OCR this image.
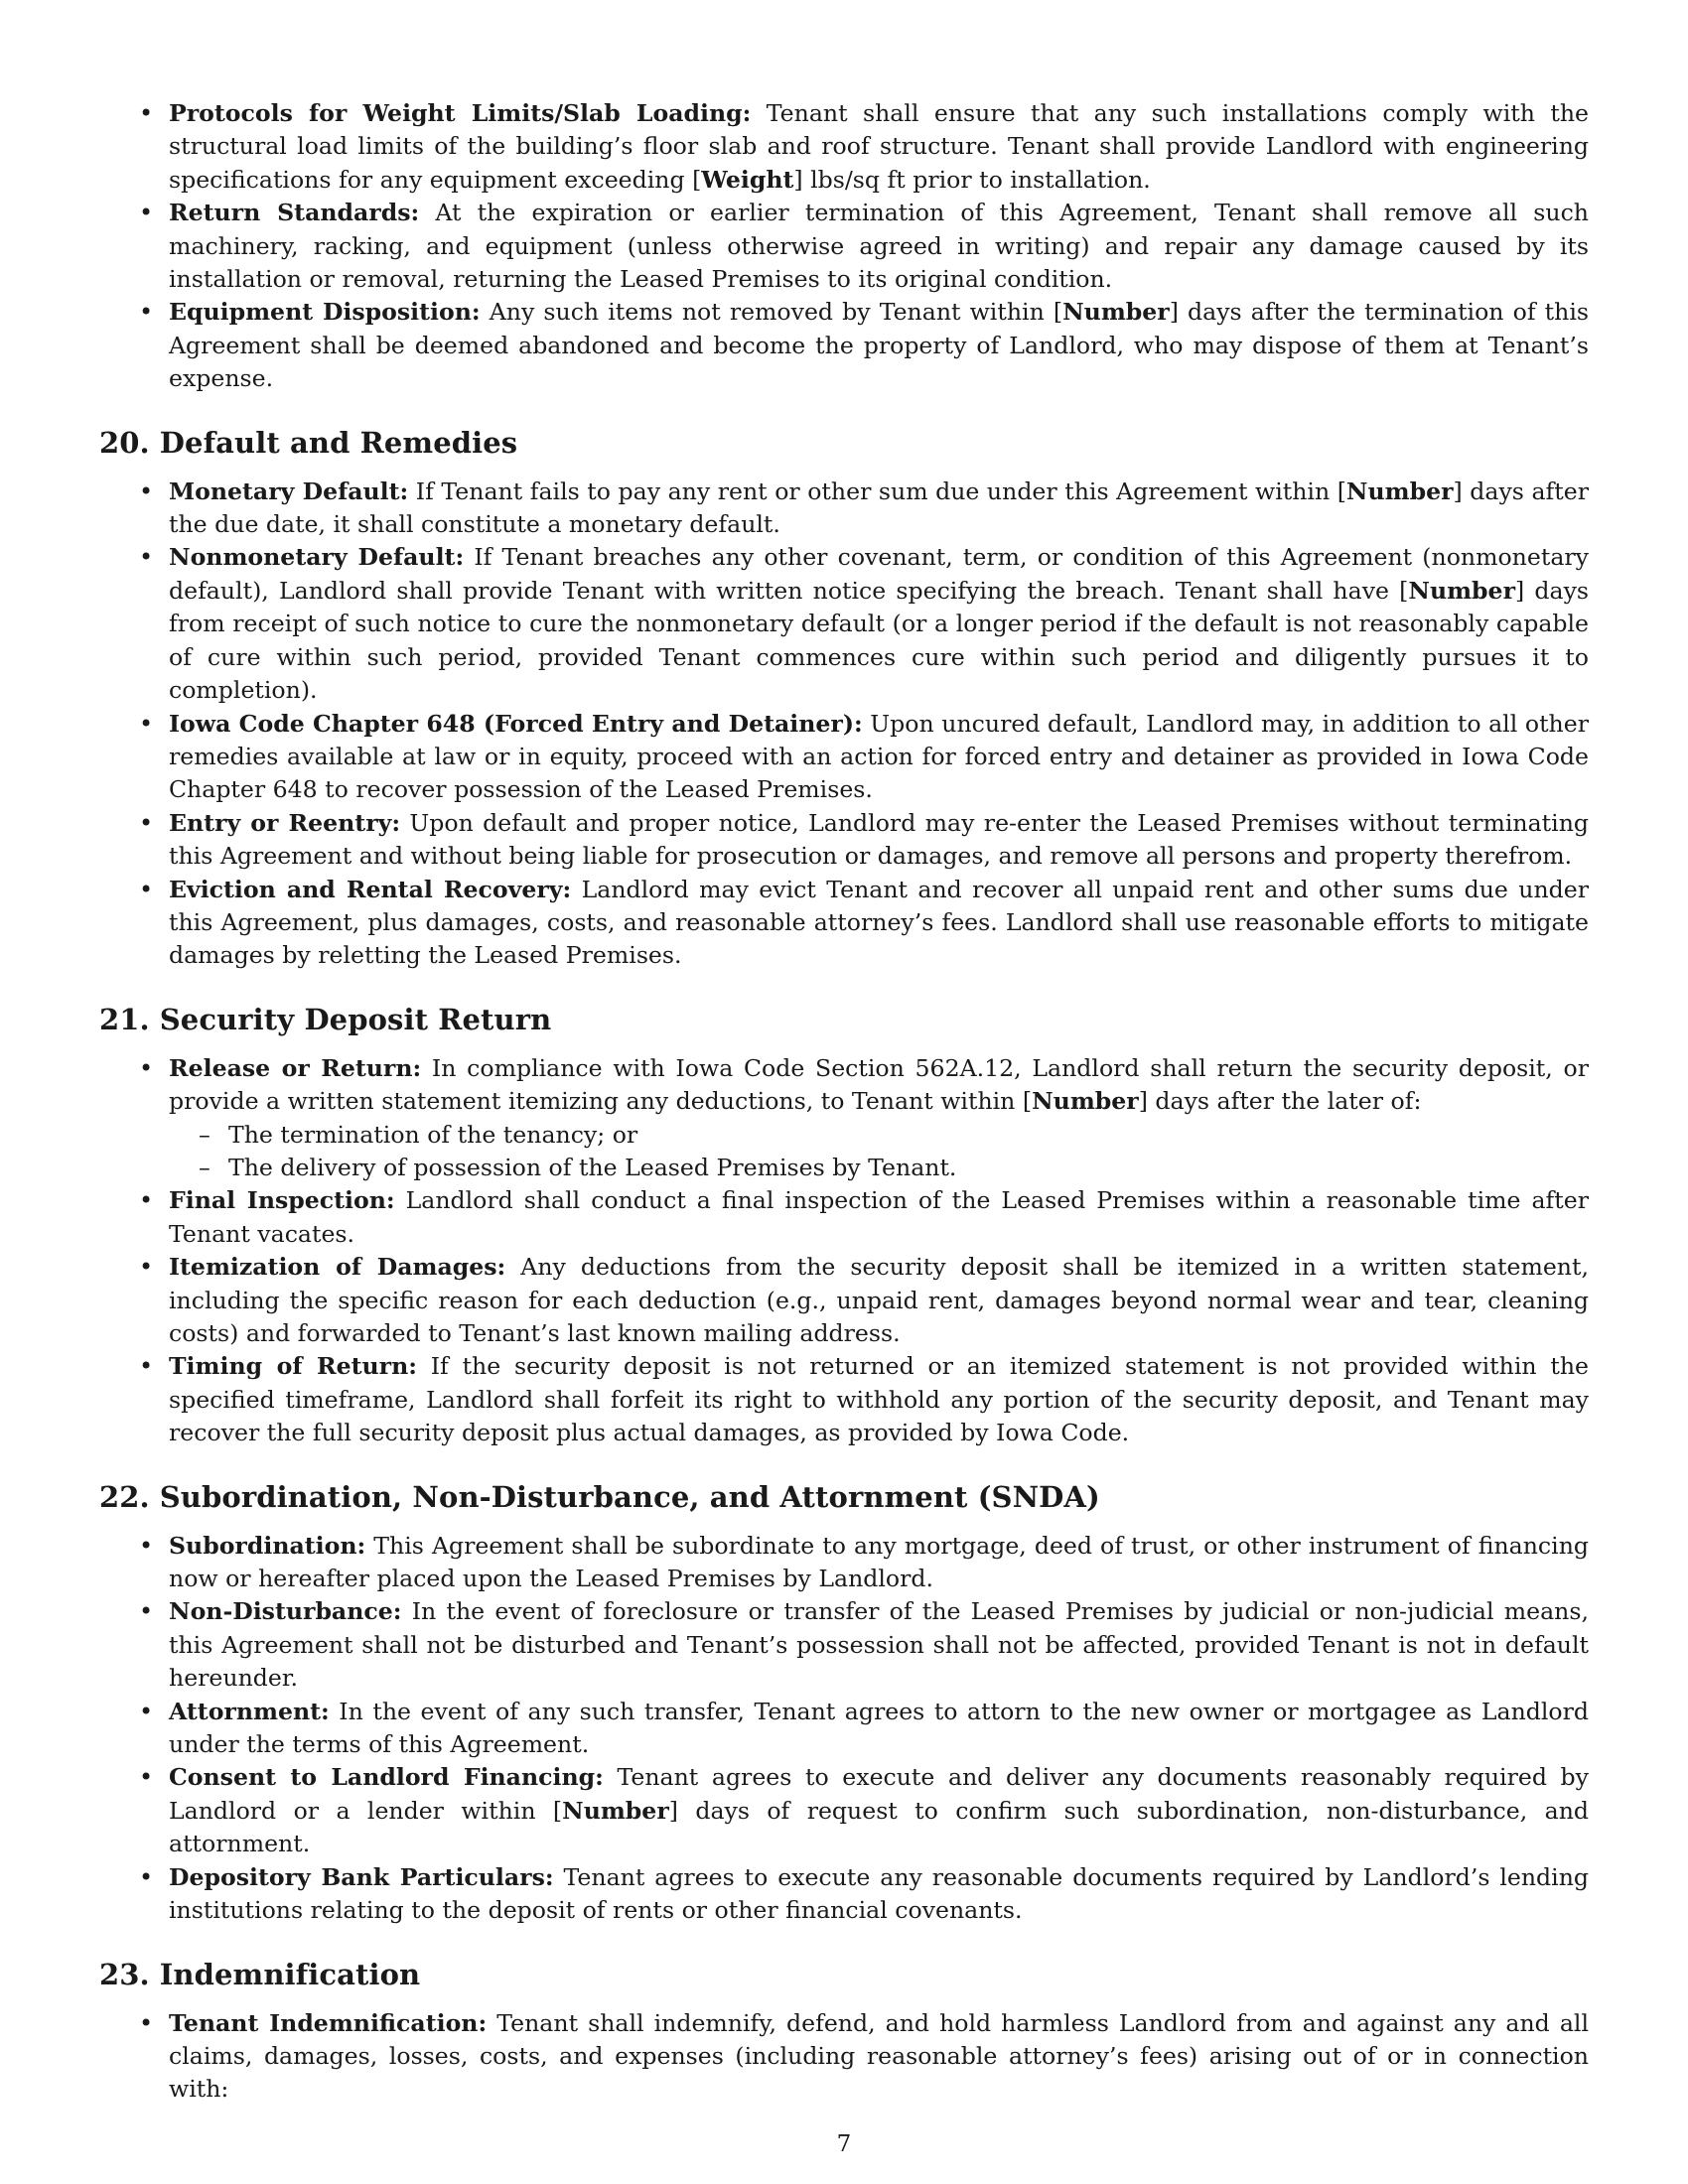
• Protocols for Weight Limits/Slab Loading: Tenant shall ensure that any such installations comply with the structural load limits of the building’s floor slab and roof structure. Tenant shall provide Landlord with engineering specifications for any equipment exceeding [Weight] lbs/sq ft prior to installation.
• Return Standards: At the expiration or earlier termination of this Agreement, Tenant shall remove all such machinery, racking, and equipment (unless otherwise agreed in writing) and repair any damage caused by its installation or removal, returning the Leased Premises to its original condition.
• Equipment Disposition: Any such items not removed by Tenant within [Number] days after the termination of this Agreement shall be deemed abandoned and become the property of Landlord, who may dispose of them at Tenant’s expense.
20. Default and Remedies
• Monetary Default: If Tenant fails to pay any rent or other sum due under this Agreement within [Number] days after the due date, it shall constitute a monetary default.
• Nonmonetary Default: If Tenant breaches any other covenant, term, or condition of this Agreement (nonmonetary default), Landlord shall provide Tenant with written notice specifying the breach. Tenant shall have [Number] days from receipt of such notice to cure the nonmonetary default (or a longer period if the default is not reasonably capable of cure within such period, provided Tenant commences cure within such period and diligently pursues it to completion).
• Iowa Code Chapter 648 (Forced Entry and Detainer): Upon uncured default, Landlord may, in addition to all other remedies available at law or in equity, proceed with an action for forced entry and detainer as provided in Iowa Code Chapter 648 to recover possession of the Leased Premises.
• Entry or Reentry: Upon default and proper notice, Landlord may re-enter the Leased Premises without terminating this Agreement and without being liable for prosecution or damages, and remove all persons and property therefrom.
• Eviction and Rental Recovery: Landlord may evict Tenant and recover all unpaid rent and other sums due under this Agreement, plus damages, costs, and reasonable attorney’s fees. Landlord shall use reasonable efforts to mitigate damages by reletting the Leased Premises.
21. Security Deposit Return
• Release or Return: In compliance with Iowa Code Section 562A.12, Landlord shall return the security deposit, or provide a written statement itemizing any deductions, to Tenant within [Number] days after the later of:
– The termination of the tenancy; or
– The delivery of possession of the Leased Premises by Tenant.
• Final Inspection: Landlord shall conduct a final inspection of the Leased Premises within a reasonable time after Tenant vacates.
• Itemization of Damages: Any deductions from the security deposit shall be itemized in a written statement, including the specific reason for each deduction (e.g., unpaid rent, damages beyond normal wear and tear, cleaning costs) and forwarded to Tenant’s last known mailing address.
• Timing of Return: If the security deposit is not returned or an itemized statement is not provided within the specified timeframe, Landlord shall forfeit its right to withhold any portion of the security deposit, and Tenant may recover the full security deposit plus actual damages, as provided by Iowa Code.
22. Subordination, Non-Disturbance, and Attornment (SNDA)
• Subordination: This Agreement shall be subordinate to any mortgage, deed of trust, or other instrument of financing now or hereafter placed upon the Leased Premises by Landlord.
• Non-Disturbance: In the event of foreclosure or transfer of the Leased Premises by judicial or non-judicial means, this Agreement shall not be disturbed and Tenant’s possession shall not be affected, provided Tenant is not in default hereunder.
• Attornment: In the event of any such transfer, Tenant agrees to attorn to the new owner or mortgagee as Landlord under the terms of this Agreement.
• Consent to Landlord Financing: Tenant agrees to execute and deliver any documents reasonably required by Landlord or a lender within [Number] days of request to confirm such subordination, non-disturbance, and attornment.
• Depository Bank Particulars: Tenant agrees to execute any reasonable documents required by Landlord’s lending institutions relating to the deposit of rents or other financial covenants.
23. Indemnification
• Tenant Indemnification: Tenant shall indemnify, defend, and hold harmless Landlord from and against any and all claims, damages, losses, costs, and expenses (including reasonable attorney’s fees) arising out of or in connection with:
7
